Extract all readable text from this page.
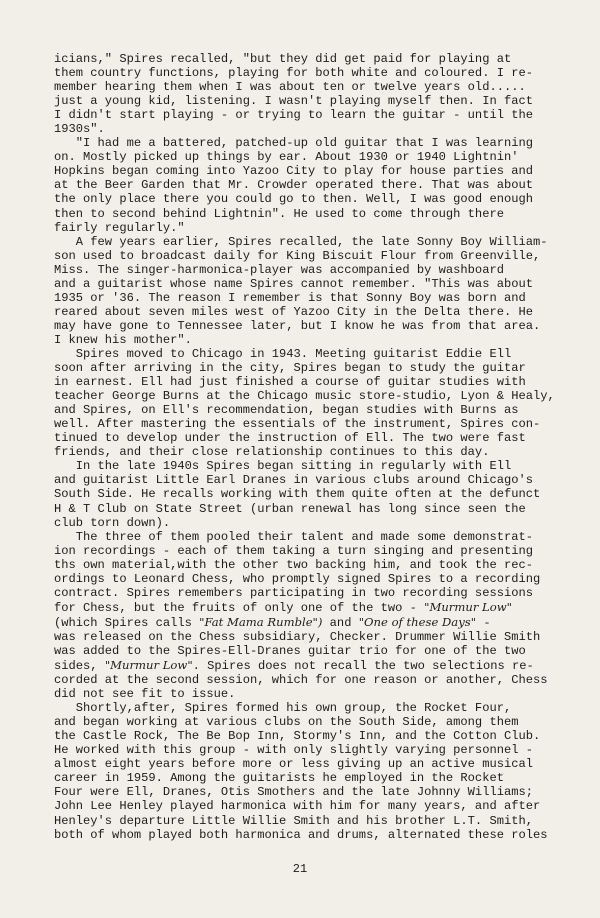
icians," Spires recalled, "but they did get paid for playing at
them country functions, playing for both white and coloured. I re-
member hearing them when I was about ten or twelve years old.....
just a young kid, listening. I wasn't playing myself then. In fact
I didn't start playing - or trying to learn the guitar - until the
1930s".
"I had me a battered, patched-up old guitar that I was learning
on. Mostly picked up things by ear. About 1930 or 1940 Lightnin'
Hopkins began coming into Yazoo City to play for house parties and
at the Beer Garden that Mr. Crowder operated there. That was about
the only place there you could go to then. Well, I was good enough
then to second behind Lightnin". He used to come through there
fairly regularly."
A few years earlier, Spires recalled, the late Sonny Boy William-
son used to broadcast daily for King Biscuit Flour from Greenville,
Miss. The singer-harmonica-player was accompanied by washboard
and a guitarist whose name Spires cannot remember. "This was about
1935 or '36. The reason I remember is that Sonny Boy was born and
reared about seven miles west of Yazoo City in the Delta there. He
may have gone to Tennessee later, but I know he was from that area.
I knew his mother".
Spires moved to Chicago in 1943. Meeting guitarist Eddie Ell
soon after arriving in the city, Spires began to study the guitar
in earnest. Ell had just finished a course of guitar studies with
teacher George Burns at the Chicago music store-studio, Lyon & Healy,
and Spires, on Ell's recommendation, began studies with Burns as
well. After mastering the essentials of the instrument, Spires con-
tinued to develop under the instruction of Ell. The two were fast
friends, and their close relationship continues to this day.
In the late 1940s Spires began sitting in regularly with Ell
and guitarist Little Earl Dranes in various clubs around Chicago's
South Side. He recalls working with them quite often at the defunct
H & T Club on State Street (urban renewal has long since seen the
club torn down).
The three of them pooled their talent and made some demonstrat-
ion recordings - each of them taking a turn singing and presenting
ths own material,with the other two backing him, and took the rec-
ordings to Leonard Chess, who promptly signed Spires to a recording
contract. Spires remembers participating in two recording sessions
for Chess, but the fruits of only one of the two - "Murmur Low"
(which Spires calls "Fat Mama Rumble") and "One of these Days" -
was released on the Chess subsidiary, Checker. Drummer Willie Smith
was added to the Spires-Ell-Dranes guitar trio for one of the two
sides, "Murmur Low". Spires does not recall the two selections re-
corded at the second session, which for one reason or another, Chess
did not see fit to issue.
Shortly,after, Spires formed his own group, the Rocket Four,
and began working at various clubs on the South Side, among them
the Castle Rock, The Be Bop Inn, Stormy's Inn, and the Cotton Club.
He worked with this group - with only slightly varying personnel -
almost eight years before more or less giving up an active musical
career in 1959. Among the guitarists he employed in the Rocket
Four were Ell, Dranes, Otis Smothers and the late Johnny Williams;
John Lee Henley played harmonica with him for many years, and after
Henley's departure Little Willie Smith and his brother L.T. Smith,
both of whom played both harmonica and drums, alternated these roles
21
